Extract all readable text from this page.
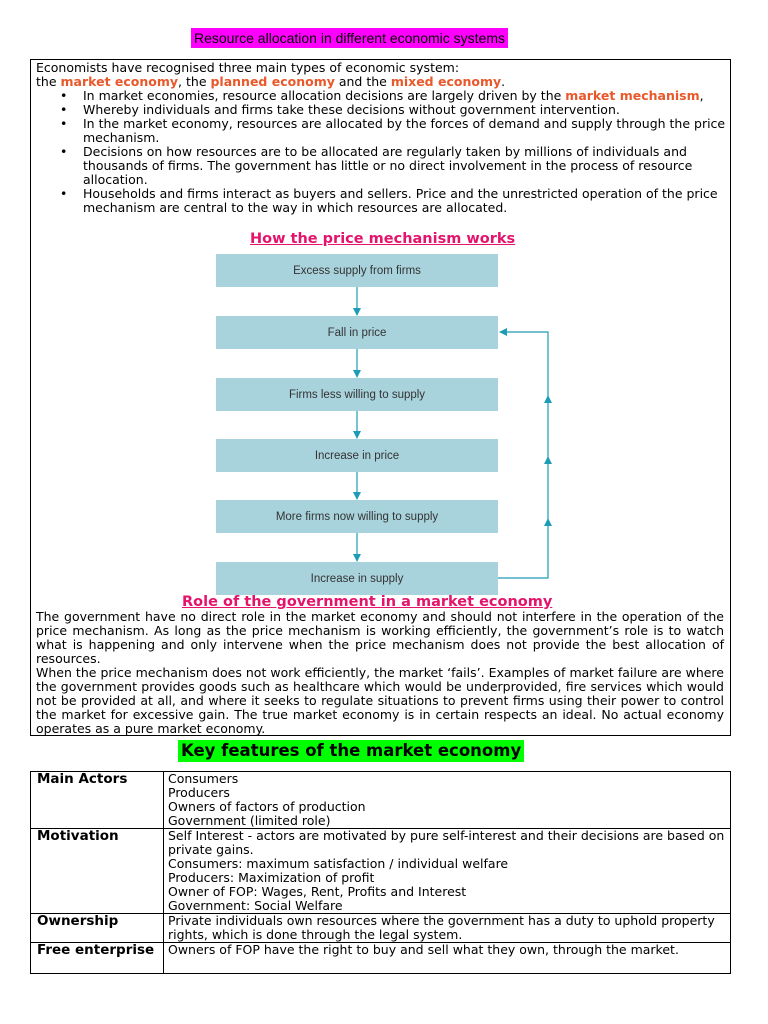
Resource allocation in different economic systems

Economists have recognised three main types of economic system:

the market economy, the planned economy and the mixed economy.

• In market economies, resource allocation decisions are largely driven by the market mechanism,
• Whereby individuals and firms take these decisions without government intervention.
• In the market economy, resources are allocated by the forces of demand and supply through the price mechanism.
• Decisions on how resources are to be allocated are regularly taken by millions of individuals and thousands of firms. The government has little or no direct involvement in the process of resource allocation.
• Households and firms interact as buyers and sellers. Price and the unrestricted operation of the price mechanism are central to the way in which resources are allocated.
How the price mechanism works
Excess supply from firms
Fall in price
Firms less willing to supply
Increase in price
More firms now willing to supply
Increase in supply
Role of the government in a market economy

The government have no direct role in the market economy and should not interfere in the operation of the price mechanism. As long as the price mechanism is working efficiently, the government’s role is to watch what is happening and only intervene when the price mechanism does not provide the best allocation of resources.

When the price mechanism does not work efficiently, the market ‘fails’. Examples of market failure are where the government provides goods such as healthcare which would be underprovided, fire services which would not be provided at all, and where it seeks to regulate situations to prevent firms using their power to control the market for excessive gain. The true market economy is in certain respects an ideal. No actual economy operates as a pure market economy.

Key features of the market economy
Main Actors	Consumers
Producers
Owners of factors of production
Government (limited role)

Motivation	Self Interest - actors are motivated by pure self-interest and their decisions are based on private gains.
Consumers: maximum satisfaction / individual welfare
Producers: Maximization of profit
Owner of FOP: Wages, Rent, Profits and Interest
Government: Social Welfare

Ownership	Private individuals own resources where the government has a duty to uphold property rights, which is done through the legal system.

Free enterprise	Owners of FOP have the right to buy and sell what they own, through the market.
